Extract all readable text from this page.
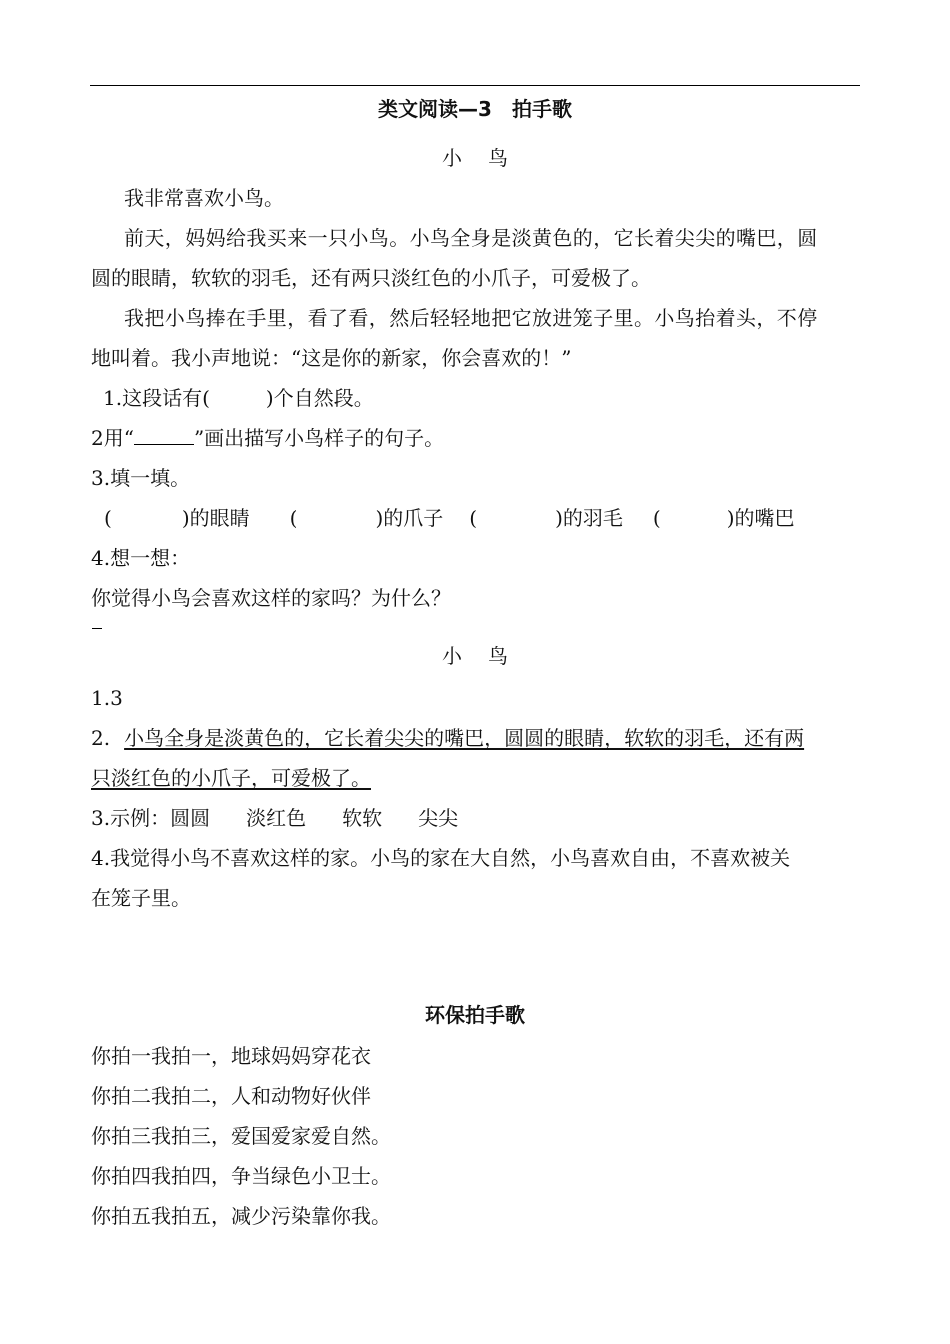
类文阅读—3　拍手歌
小鸟
我非常喜欢小鸟。
前天，妈妈给我买来一只小鸟。小鸟全身是淡黄色的，它长着尖尖的嘴巴，圆
圆的眼睛，软软的羽毛，还有两只淡红色的小爪子，可爱极了。
我把小鸟捧在手里，看了看，然后轻轻地把它放进笼子里。小鸟抬着头，不停
地叫着。我小声地说：“这是你的新家，你会喜欢的！”
1.这段话有(	)个自然段。
2用“	”画出描写小鸟样子的句子。
3.填一填。
(	)的眼睛 (	)的爪子 (	)的羽毛 (	)的嘴巴
4.想一想：
你觉得小鸟会喜欢这样的家吗？为什么？
小鸟
1.3
2. 小鸟全身是淡黄色的，它长着尖尖的嘴巴，圆圆的眼睛，软软的羽毛，还有两
只淡红色的小爪子，可爱极了。
3.示例：圆圆 淡红色 软软 尖尖
4.我觉得小鸟不喜欢这样的家。小鸟的家在大自然，小鸟喜欢自由，不喜欢被关
在笼子里。
环保拍手歌
你拍一我拍一，地球妈妈穿花衣
你拍二我拍二，人和动物好伙伴
你拍三我拍三，爱国爱家爱自然。
你拍四我拍四，争当绿色小卫士。
你拍五我拍五，减少污染靠你我。
